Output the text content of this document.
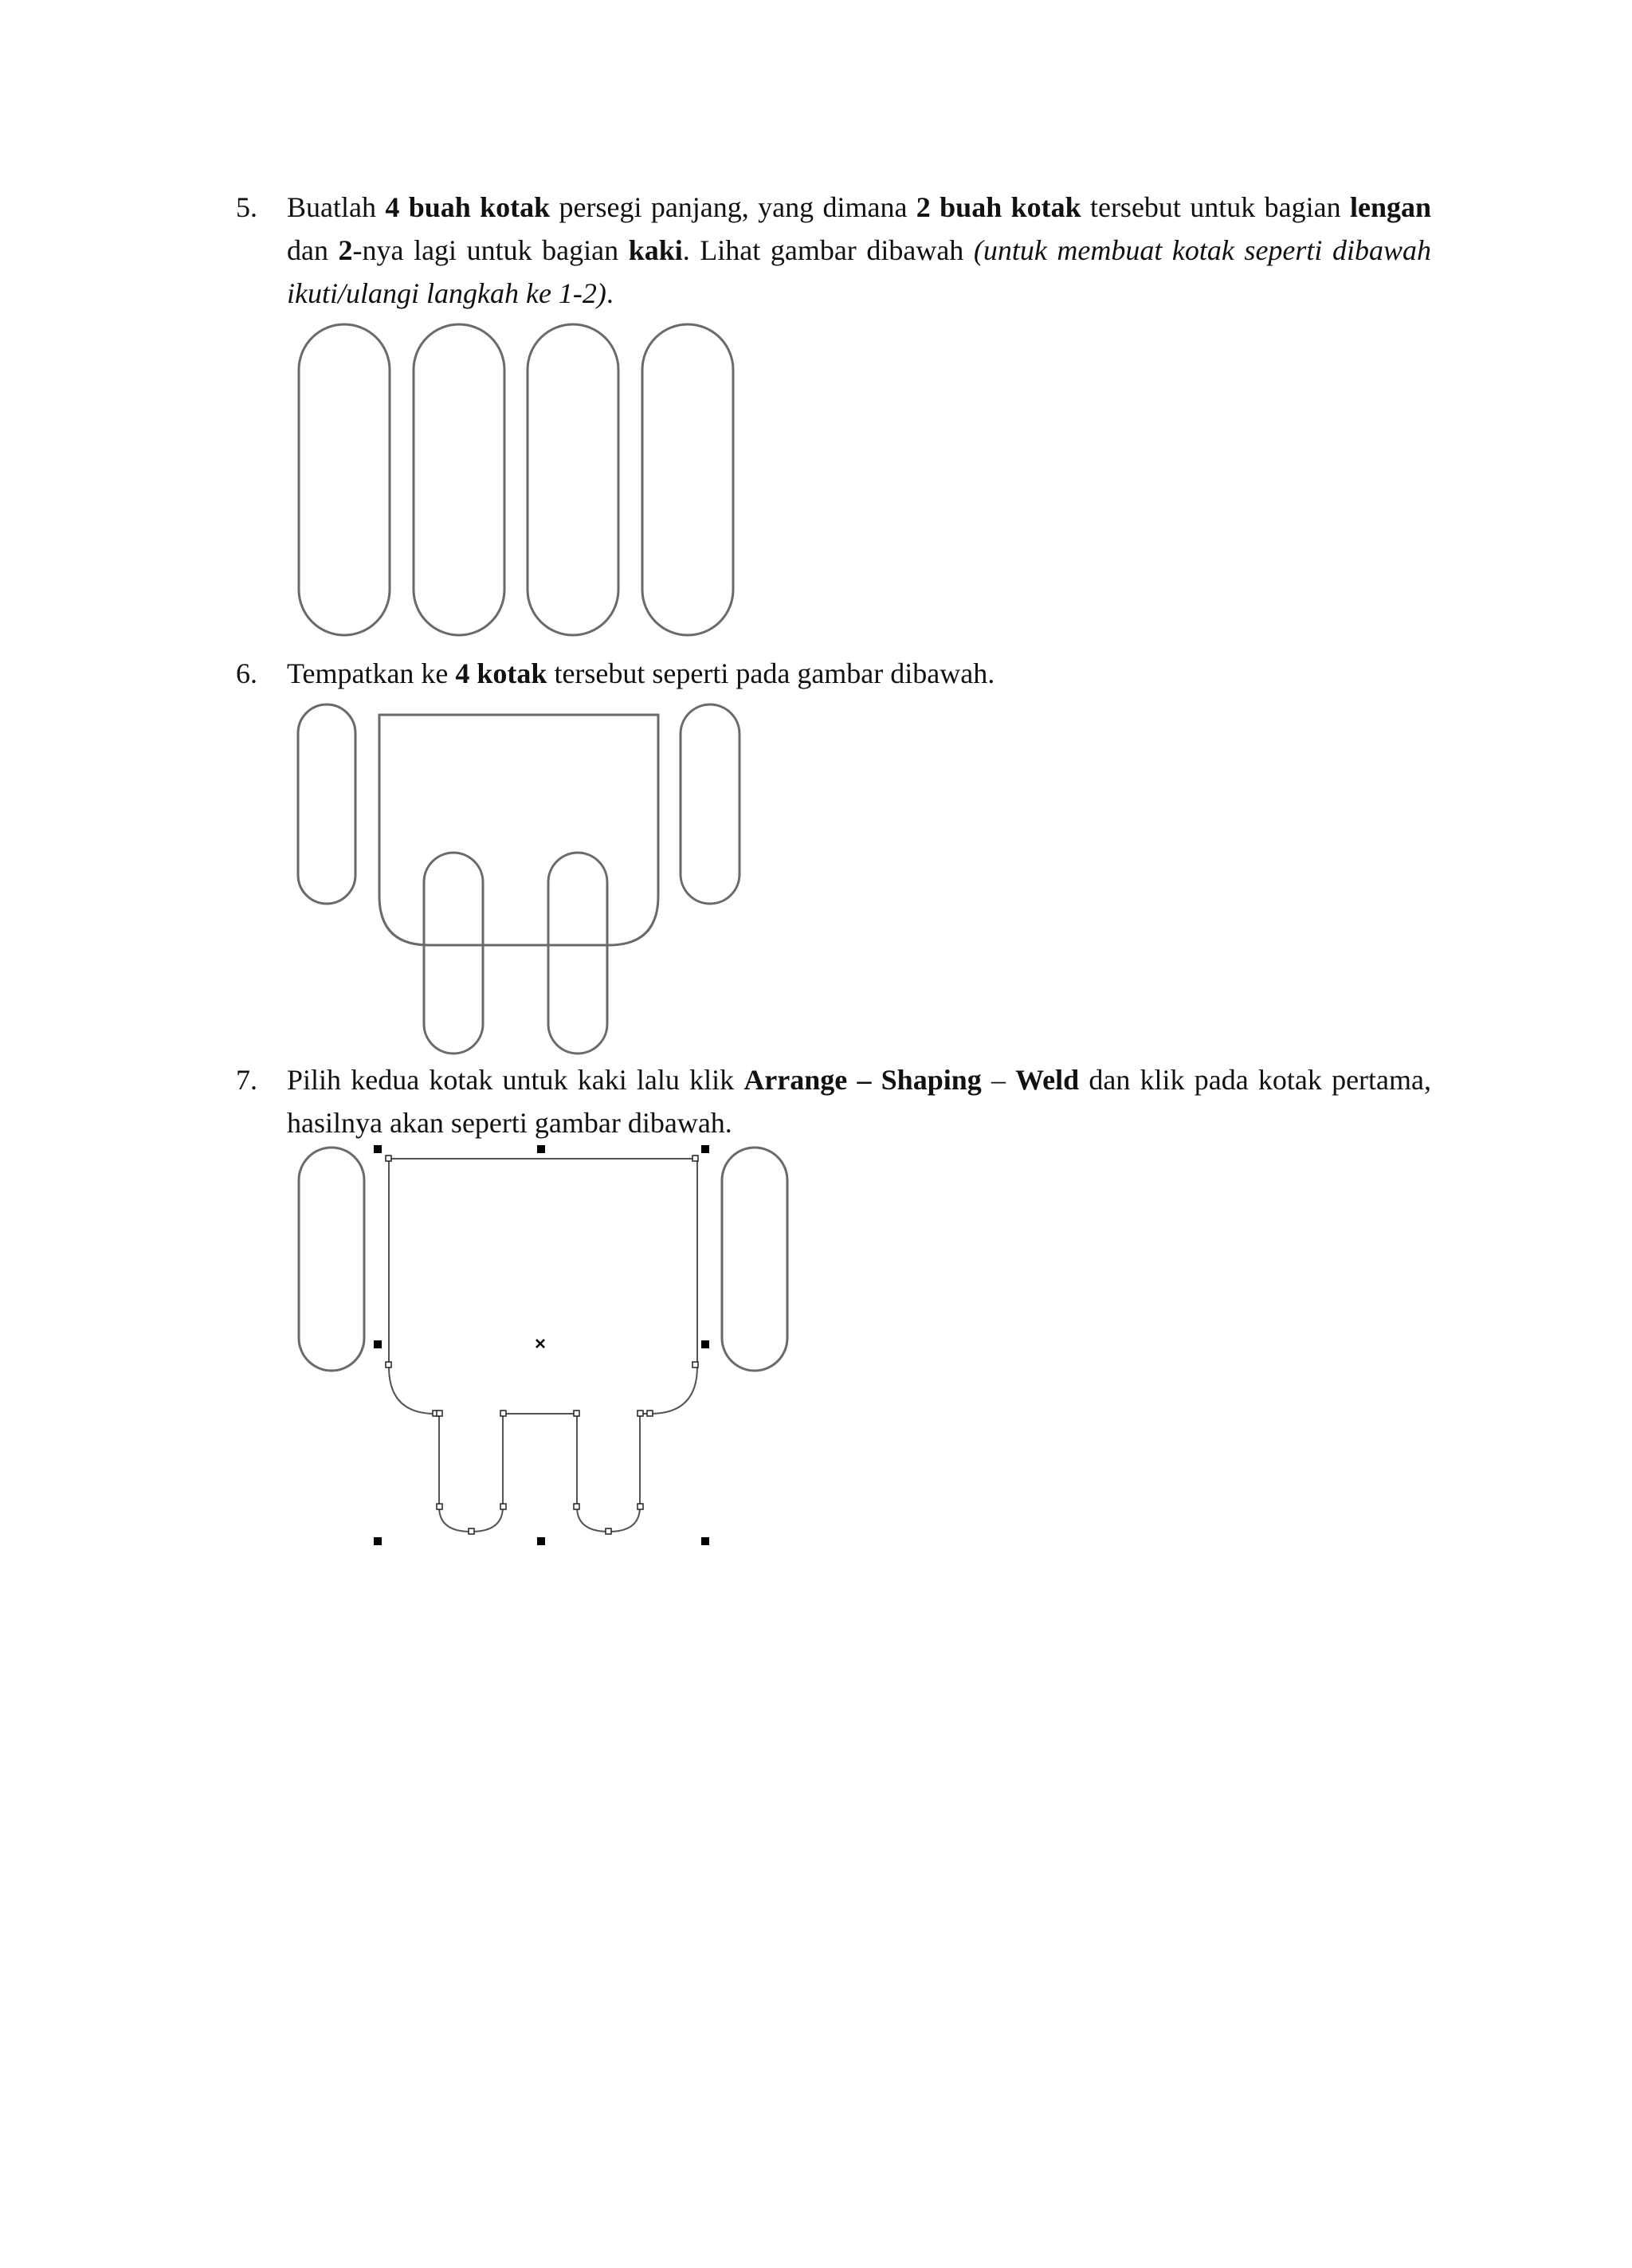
5. Buatlah 4 buah kotak persegi panjang, yang dimana 2 buah kotak tersebut untuk bagian lengan dan 2-nya lagi untuk bagian kaki. Lihat gambar dibawah (untuk membuat kotak seperti dibawah ikuti/ulangi langkah ke 1-2).
6. Tempatkan ke 4 kotak tersebut seperti pada gambar dibawah.
7. Pilih kedua kotak untuk kaki lalu klik Arrange – Shaping – Weld dan klik pada kotak pertama, hasilnya akan seperti gambar dibawah.
